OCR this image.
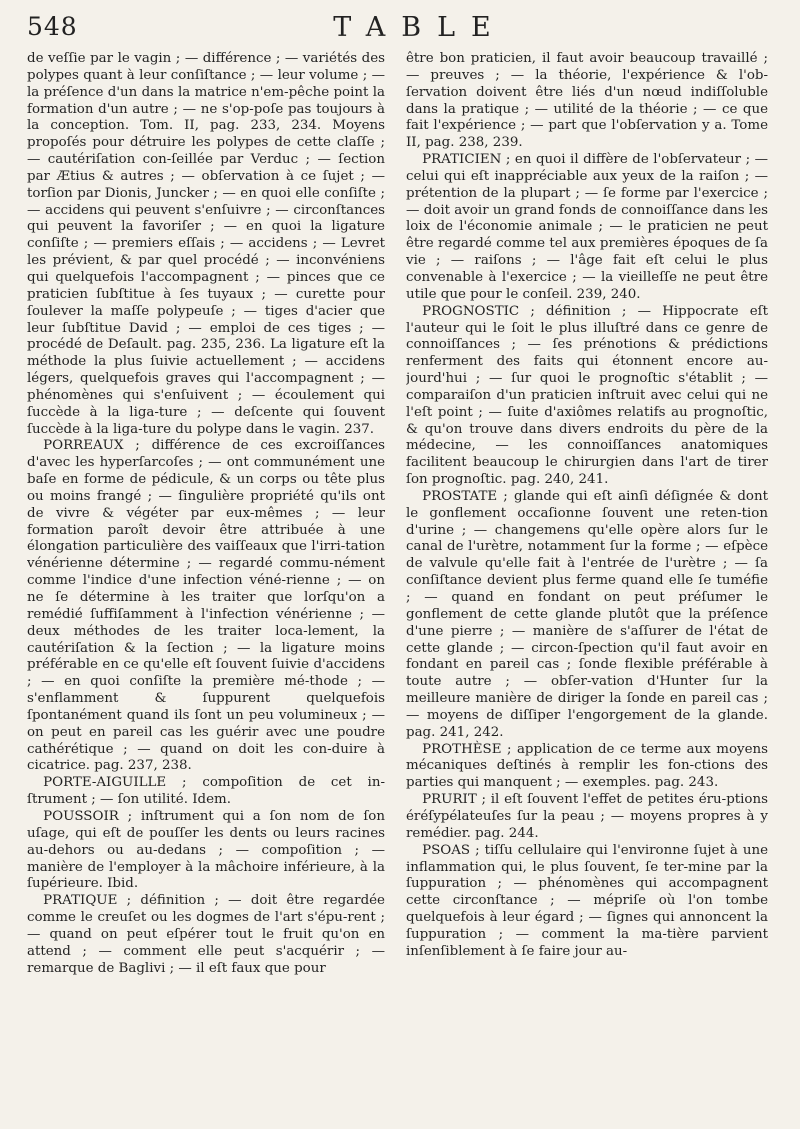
548	TABLE

de veſſie par le vagin ; — différence ; — variétés des polypes quant à leur conſiſtance ; — leur volume ; — la préſence d'un dans la matrice n'em-pêche point la formation d'un autre ; — ne s'op-poſe pas toujours à la conception. Tom. II, pag. 233, 234. Moyens propoſés pour détruire les polypes de cette claſſe ; — cautériſation con-ſeillée par Verduc ; — ſection par Ætius & autres ; — obſervation à ce ſujet ; — torſion par Dionis, Juncker ; — en quoi elle conſiſte ; — accidens qui peuvent s'enſuivre ; — circonſtances qui peuvent la favoriſer ; — en quoi la ligature conſiſte ; — premiers eſſais ; — accidens ; — Levret les prévient, & par quel procédé ; — inconvéniens qui quelquefois l'accompagnent ; — pinces que ce praticien ſubſtitue à ſes tuyaux ; — curette pour ſoulever la maſſe polypeuſe ; — tiges d'acier que leur ſubſtitue David ; — emploi de ces tiges ; — procédé de Deſault. pag. 235, 236. La ligature eſt la méthode la plus ſuivie actuellement ; — accidens légers, quelquefois graves qui l'accompagnent ; — phénomènes qui s'enſuivent ; — écoulement qui ſuccède à la liga-ture ; — deſcente qui ſouvent ſuccède à la liga-ture du polype dans le vagin. 237.

PORREAUX ; différence de ces excroiſſances d'avec les hyperſarcoſes ; — ont communément une baſe en forme de pédicule, & un corps ou tête plus ou moins frangé ; — ſingulière propriété qu'ils ont de vivre & végéter par eux-mêmes ; — leur formation paroît devoir être attribuée à une élongation particulière des vaiſſeaux que l'irri-tation vénérienne détermine ; — regardé commu-nément comme l'indice d'une infection véné-rienne ; — on ne ſe détermine à les traiter que lorſqu'on a remédié ſuffiſamment à l'infection vénérienne ; — deux méthodes de les traiter loca-lement, la cautériſation & la ſection ; — la ligature moins préférable en ce qu'elle eſt ſouvent ſuivie d'accidens ; — en quoi conſiſte la première mé-thode ; — s'enflamment & ſuppurent quelquefois ſpontanément quand ils ſont un peu volumineux ; — on peut en pareil cas les guérir avec une poudre cathérétique ; — quand on doit les con-duire à cicatrice. pag. 237, 238.

PORTE-AIGUILLE ; compoſition de cet in-ſtrument ; — ſon utilité. Idem.

POUSSOIR ; inſtrument qui a ſon nom de ſon uſage, qui eſt de pouſſer les dents ou leurs racines au-dehors ou au-dedans ; — compoſition ; — manière de l'employer à la mâchoire inférieure, à la ſupérieure. Ibid.

PRATIQUE ; définition ; — doit être regardée comme le creuſet ou les dogmes de l'art s'épu-rent ; — quand on peut eſpérer tout le fruit qu'on en attend ; — comment elle peut s'acquérir ; — remarque de Baglivi ; — il eſt faux que pour

être bon praticien, il faut avoir beaucoup travaillé ; — preuves ; — la théorie, l'expérience & l'ob-ſervation doivent être liés d'un nœud indiſſoluble dans la pratique ; — utilité de la théorie ; — ce que fait l'expérience ; — part que l'obſervation y a. Tome II, pag. 238, 239.

PRATICIEN ; en quoi il diffère de l'obſervateur ; — celui qui eſt inappréciable aux yeux de la raiſon ; — prétention de la plupart ; — ſe forme par l'exercice ; — doit avoir un grand fonds de connoiſſance dans les loix de l'économie animale ; — le praticien ne peut être regardé comme tel aux premières époques de ſa vie ; — raiſons ; — l'âge fait eſt celui le plus convenable à l'exercice ; — la vieilleſſe ne peut être utile que pour le conſeil. 239, 240.

PROGNOSTIC ; définition ; — Hippocrate eſt l'auteur qui le ſoit le plus illuſtré dans ce genre de connoiſſances ; — ſes prénotions & prédictions renferment des faits qui étonnent encore au-jourd'hui ; — ſur quoi le prognoſtic s'établit ; — comparaiſon d'un praticien inſtruit avec celui qui ne l'eſt point ; — ſuite d'axiômes relatifs au prognoſtic, & qu'on trouve dans divers endroits du père de la médecine, — les connoiſſances anatomiques facilitent beaucoup le chirurgien dans l'art de tirer ſon prognoſtic. pag. 240, 241.

PROSTATE ; glande qui eſt ainſi déſignée & dont le gonflement occaſionne ſouvent une reten-tion d'urine ; — changemens qu'elle opère alors ſur le canal de l'urètre, notamment ſur la forme ; — eſpèce de valvule qu'elle fait à l'entrée de l'urètre ; — ſa conſiſtance devient plus ferme quand elle ſe tuméfie ; — quand en fondant on peut préſumer le gonflement de cette glande plutôt que la préſence d'une pierre ; — manière de s'aſſurer de l'état de cette glande ; — circon-ſpection qu'il faut avoir en fondant en pareil cas ; ſonde flexible préférable à toute autre ; — obſer-vation d'Hunter ſur la meilleure manière de diriger la ſonde en pareil cas ; — moyens de diſſiper l'engorgement de la glande. pag. 241, 242.

PROTHÈSE ; application de ce terme aux moyens mécaniques deſtinés à remplir les fon-ctions des parties qui manquent ; — exemples. pag. 243.

PRURIT ; il eſt ſouvent l'effet de petites éru-ptions éréſypélateuſes ſur la peau ; — moyens propres à y remédier. pag. 244.

PSOAS ; tiſſu cellulaire qui l'environne ſujet à une inflammation qui, le plus ſouvent, ſe ter-mine par la ſuppuration ; — phénomènes qui accompagnent cette circonſtance ; — mépriſe où l'on tombe quelquefois à leur égard ; — ſignes qui annoncent la ſuppuration ; — comment la ma-tière parvient inſenſiblement à ſe faire jour au-
